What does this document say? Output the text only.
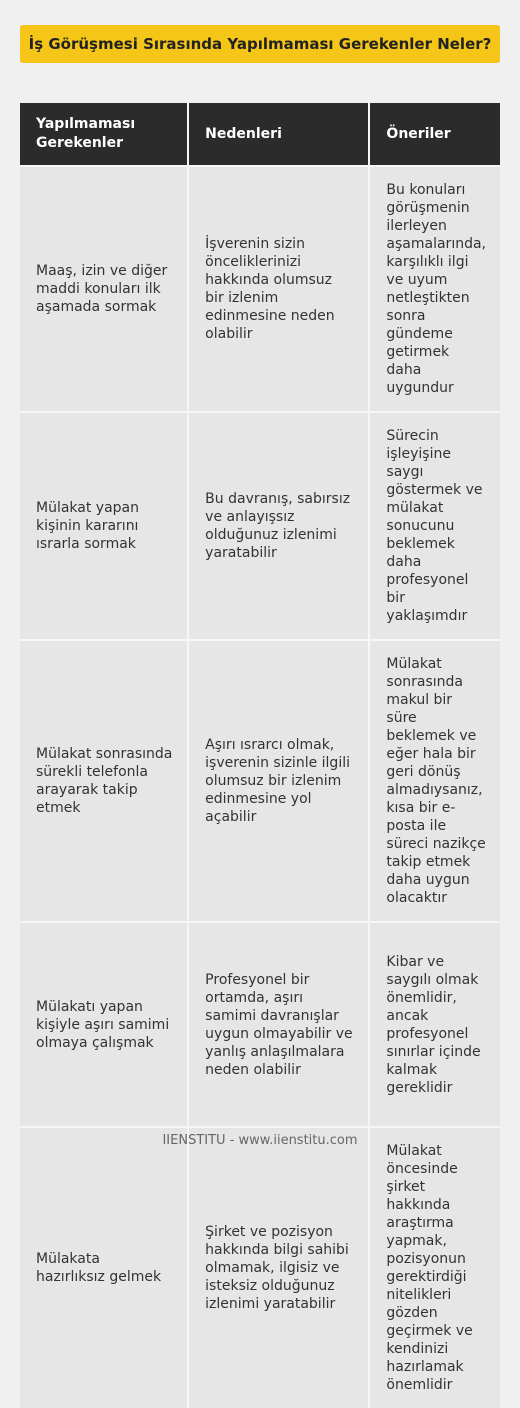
İş Görüşmesi Sırasında Yapılmaması Gerekenler Neler?
Yapılmaması Gerekenler	Nedenleri	Öneriler
Maaş, izin ve diğer maddi konuları ilk aşamada sormak	İşverenin sizin önceliklerinizi hakkında olumsuz bir izlenim edinmesine neden olabilir	Bu konuları görüşmenin ilerleyen aşamalarında, karşılıklı ilgi ve uyum netleştikten sonra gündeme getirmek daha uygundur
Mülakat yapan kişinin kararını ısrarla sormak	Bu davranış, sabırsız ve anlayışsız olduğunuz izlenimi yaratabilir	Sürecin işleyişine saygı göstermek ve mülakat sonucunu beklemek daha profesyonel bir yaklaşımdır
Mülakat sonrasında sürekli telefonla arayarak takip etmek	Aşırı ısrarcı olmak, işverenin sizinle ilgili olumsuz bir izlenim edinmesine yol açabilir	Mülakat sonrasında makul bir süre beklemek ve eğer hala bir geri dönüş almadıysanız, kısa bir e-posta ile süreci nazikçe takip etmek daha uygun olacaktır
Mülakatı yapan kişiyle aşırı samimi olmaya çalışmak	Profesyonel bir ortamda, aşırı samimi davranışlar uygun olmayabilir ve yanlış anlaşılmalara neden olabilir	Kibar ve saygılı olmak önemlidir, ancak profesyonel sınırlar içinde kalmak gereklidir
Mülakata hazırlıksız gelmek	Şirket ve pozisyon hakkında bilgi sahibi olmamak, ilgisiz ve isteksiz olduğunuz izlenimi yaratabilir	Mülakat öncesinde şirket hakkında araştırma yapmak, pozisyonun gerektirdiği nitelikleri gözden geçirmek ve kendinizi hazırlamak önemlidir
IIENSTITU - www.iienstitu.com
